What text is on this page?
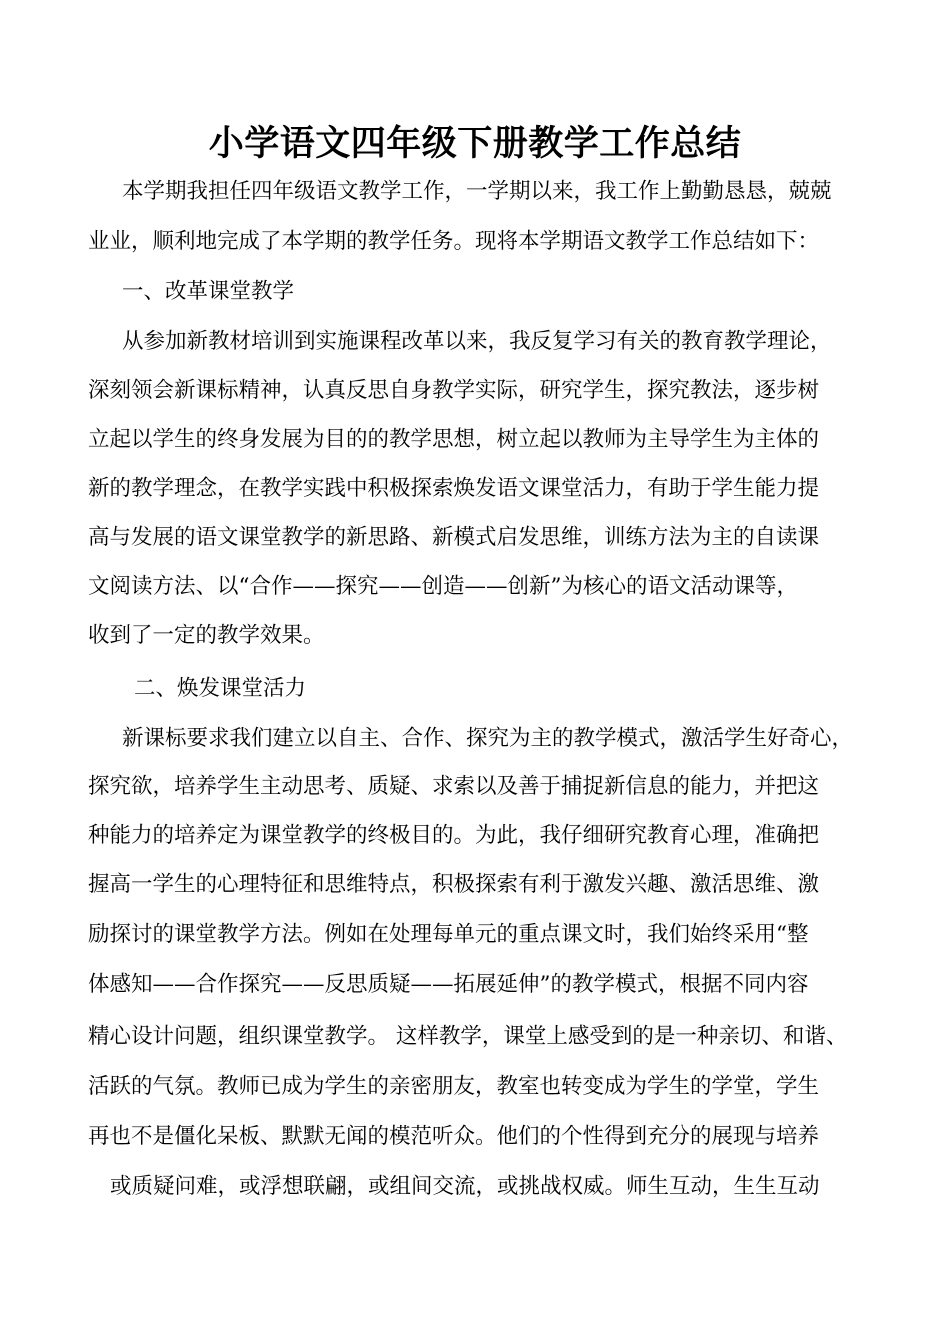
小学语文四年级下册教学工作总结

本学期我担任四年级语文教学工作，一学期以来，我工作上勤勤恳恳，兢兢

业业，顺利地完成了本学期的教学任务。现将本学期语文教学工作总结如下：

一、改革课堂教学

从参加新教材培训到实施课程改革以来，我反复学习有关的教育教学理论，

深刻领会新课标精神，认真反思自身教学实际，研究学生，探究教法，逐步树

立起以学生的终身发展为目的的教学思想，树立起以教师为主导学生为主体的

新的教学理念，在教学实践中积极探索焕发语文课堂活力，有助于学生能力提

高与发展的语文课堂教学的新思路、新模式启发思维，训练方法为主的自读课

文阅读方法、以“合作——探究——创造——创新”为核心的语文活动课等，

收到了一定的教学效果。

二、焕发课堂活力

新课标要求我们建立以自主、合作、探究为主的教学模式，激活学生好奇心，

探究欲，培养学生主动思考、质疑、求索以及善于捕捉新信息的能力，并把这

种能力的培养定为课堂教学的终极目的。为此，我仔细研究教育心理，准确把

握高一学生的心理特征和思维特点，积极探索有利于激发兴趣、激活思维、激

励探讨的课堂教学方法。例如在处理每单元的重点课文时，我们始终采用“整

体感知——合作探究——反思质疑——拓展延伸”的教学模式，根据不同内容

精心设计问题，组织课堂教学。 这样教学，课堂上感受到的是一种亲切、和谐、

活跃的气氛。教师已成为学生的亲密朋友，教室也转变成为学生的学堂，学生

再也不是僵化呆板、默默无闻的模范听众。他们的个性得到充分的展现与培养

或质疑问难，或浮想联翩，或组间交流，或挑战权威。师生互动，生生互动
